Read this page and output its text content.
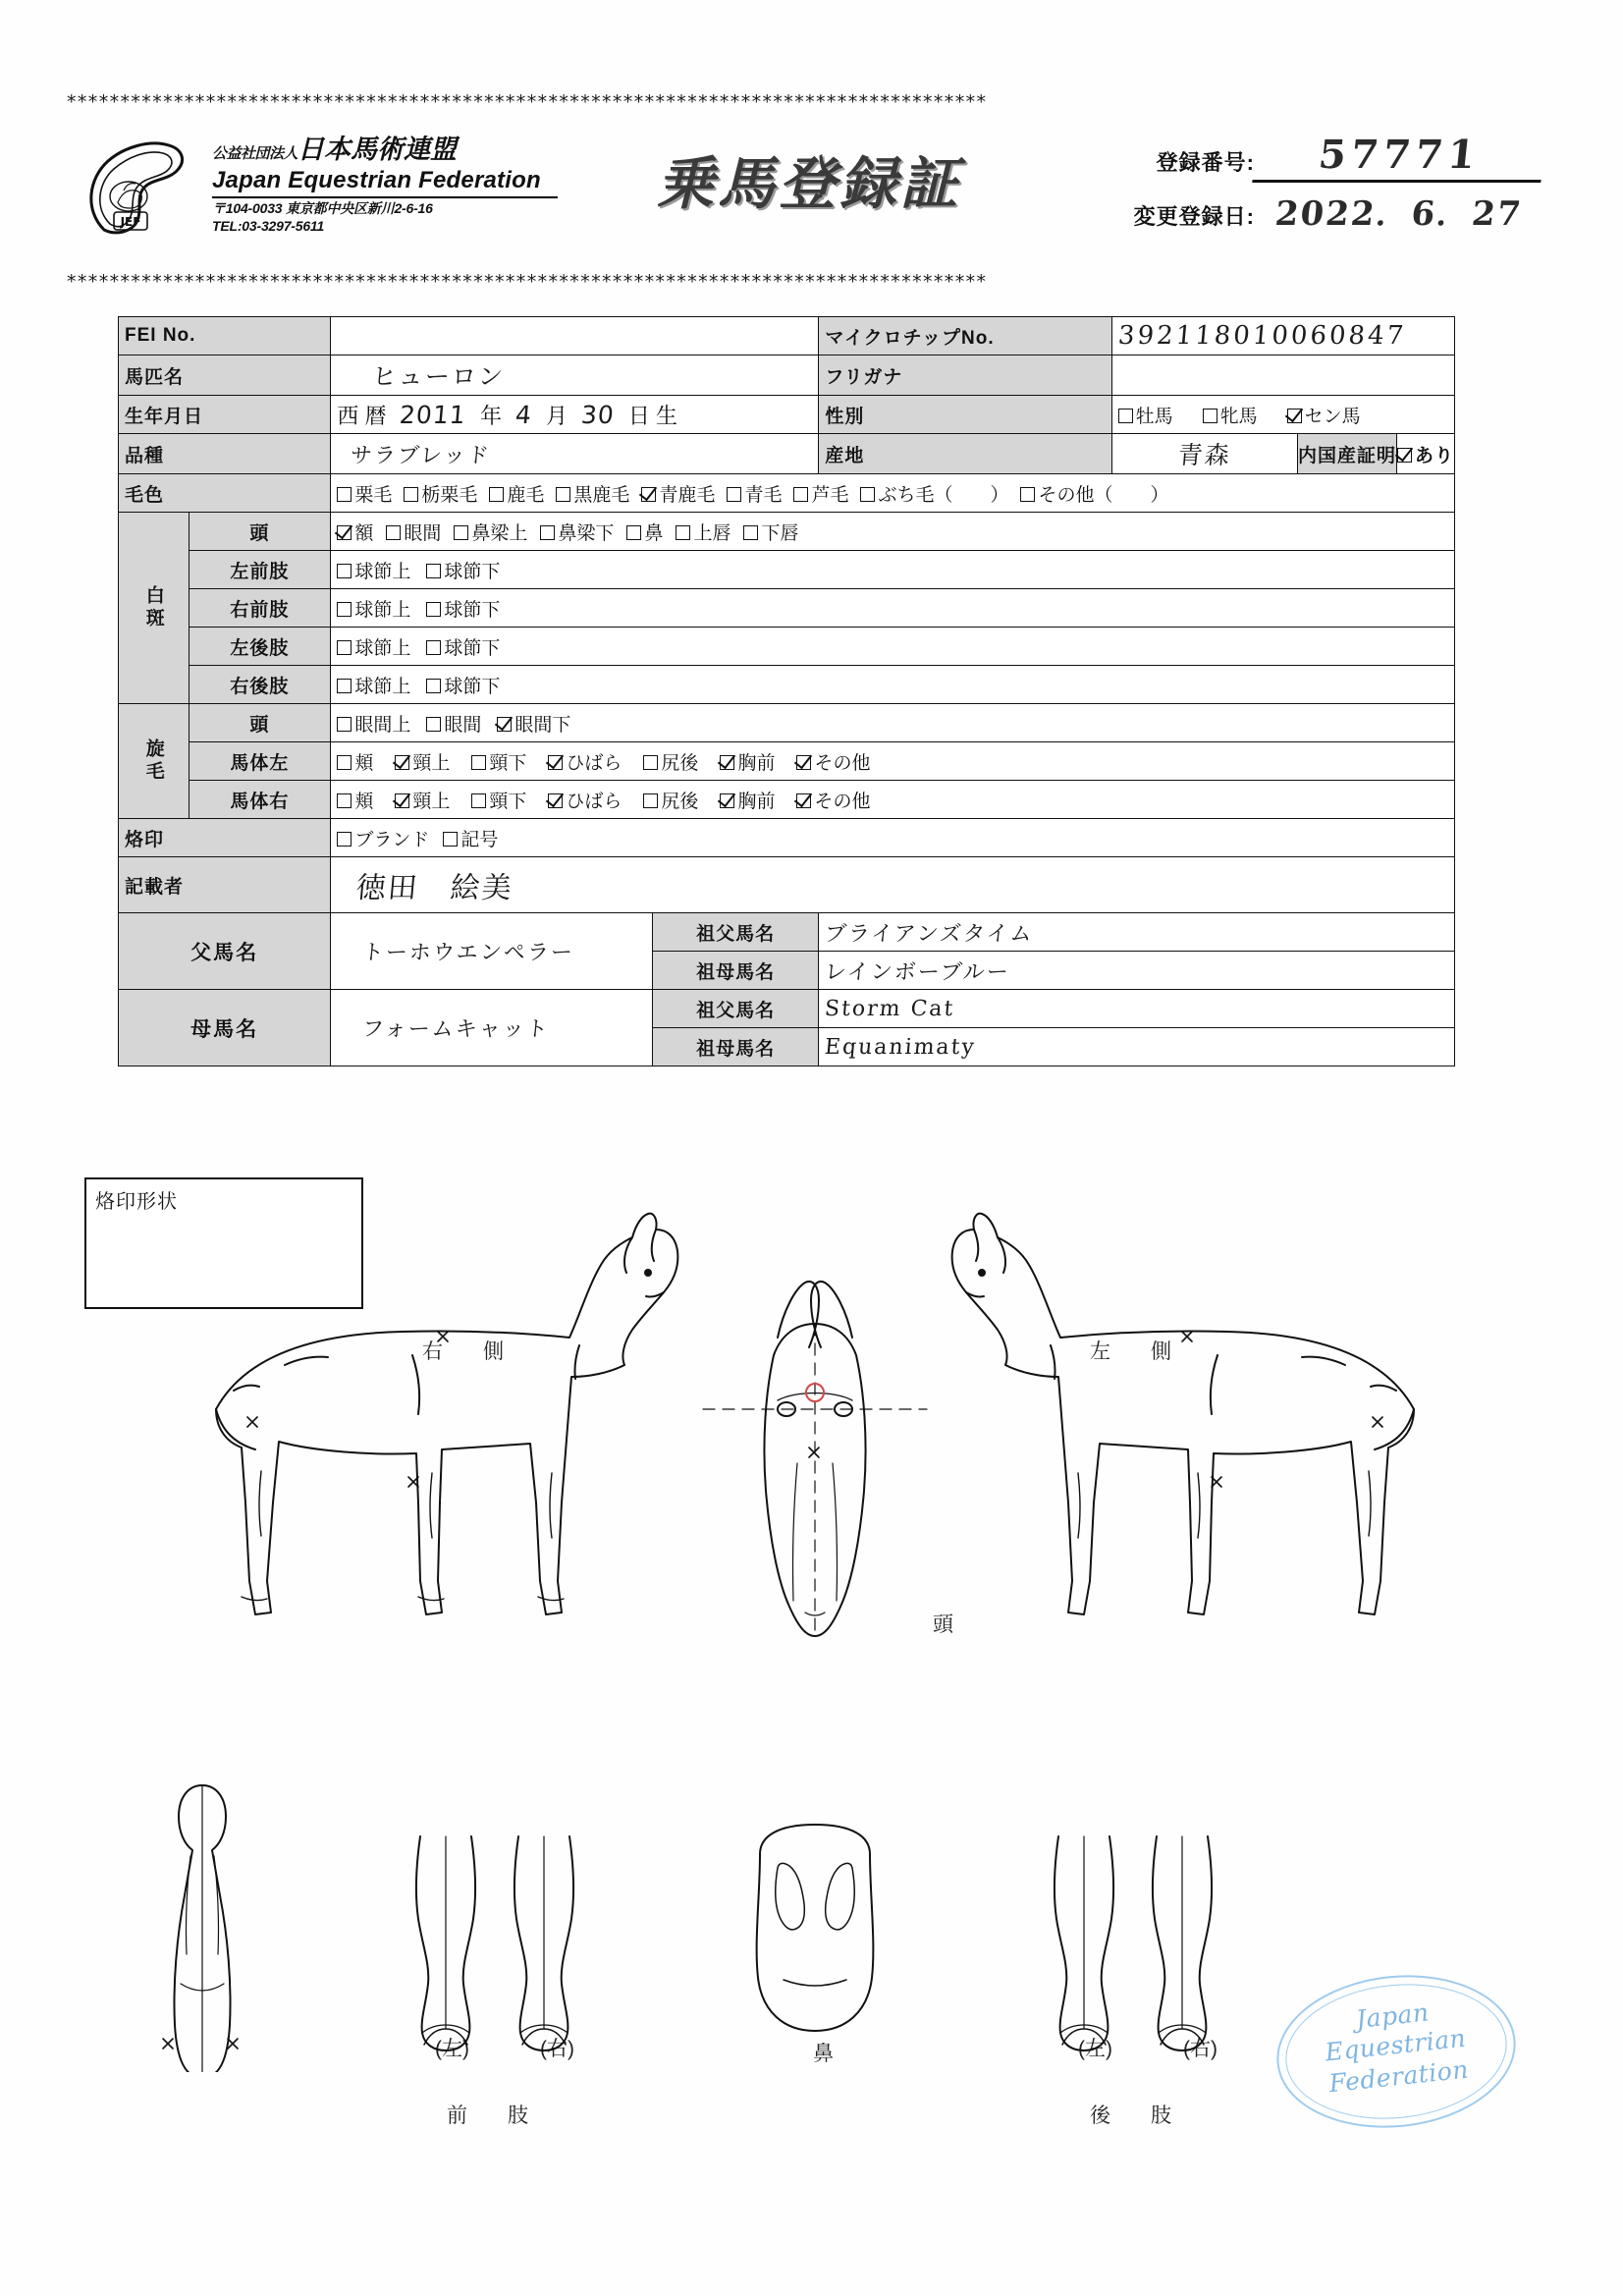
**************************************************************************************
JEF
公益社団法人日本馬術連盟
Japan Equestrian Federation
〒104-0033 東京都中央区新川2-6-16
TEL:03-3297-5611
乗馬登録証	登録番号:	57771
変更登録日: 2022．6．27
**************************************************************************************
FEI No.				マイクロチップNo.	392118010060847	
馬匹名		ヒューロン		フリガナ		
生年月日	西 暦 2011 年 4 月 30 日 生	性別	牡馬	牝馬	セン馬
品種		サラブレッド		産地	青森	内国産証明 あり

毛色		栗毛 栃栗毛 鹿毛 黒鹿毛 青鹿毛 青毛 芦毛 ぶち毛（　　） その他（　　）				

白斑	頭	額 眼間 鼻梁上 鼻梁下 鼻 上唇 下唇				
	左前肢	球節上 球節下				
	右前肢	球節上 球節下				
	左後肢	球節上 球節下				
	右後肢	球節上 球節下				

旋毛	頭	眼間上 眼間 眼間下				
	馬体左	頬 頸上 頸下 ひばら 尻後 胸前 その他				
	馬体右	頬 頸上 頸下 ひばら 尻後 胸前 その他				
烙印		ブランド 記号				
記載者		徳田　絵美				
父馬名		トーホウエンペラー	祖父馬名	ブライアンズタイム		
			祖母馬名	レインボーブルー		
母馬名		フォームキャット	祖父馬名	Storm Cat		
			祖母馬名	Equanimaty		
烙印形状
右　側	左　側
頭
鼻
(左)	(右)
前　肢
(左)	(右)
後　肢
Japan
Equestrian
Federation
